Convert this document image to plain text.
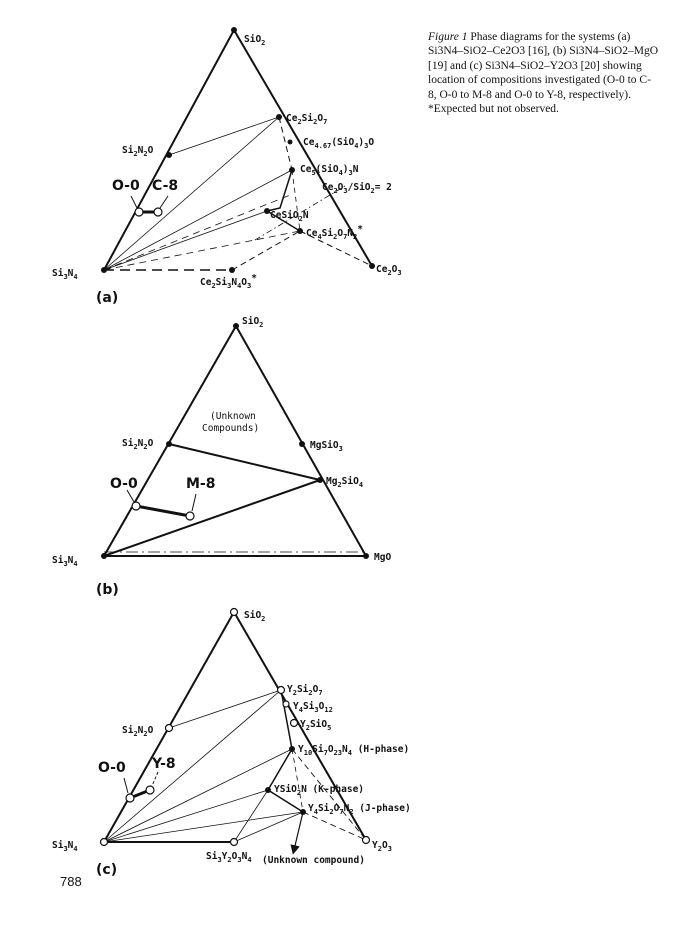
SiO$_2$
$Si_2N_2O$
$Ce_2Si_2O_7$
$Ce_{4.67}(SiO_4)_3O$
$Ce_5(SiO_4)_3N$
$Ce_2O_3/SiO_2= 2$
CeSiO$_2$N
$Ce_4Si_2O_7N_2*$
$Ce_2O_3$
$Si_3N_4$	$Ce_2Si_3N_4O_3*$
O-0 C-8
(a)
SiO$_2$
(Unknown
Compounds)
$Si_2N_2O$	MgSiO$_3$
$Mg_2SiO_4$
MgO
$Si_3N_4$
O-0	M-8
(b)
SiO$_2$
$Si_2N_2O$
$Y_2Si_2O_7$
$Y_4Si_3O_{12}$
$Y_2SiO_5$
$Y_{10}Si_7O_{23}N_4$ (H-phase)
YSiO$_2$N (K-phase)
$Y_4Si_2O_7N_2$ (J-phase)
$Y_2O_3$
$Si_3N_4$
$Si_3Y_2O_3N_4$ (Unknown compound)
O-0 Y-8
(c)
Figure 1 Phase diagrams for the systems (a) Si3N4–SiO2–Ce2O3 [16], (b) Si3N4–SiO2–MgO [19] and (c) Si3N4–SiO2–Y2O3 [20] showing location of compositions investigated (O-0 to C-8, O-0 to M-8 and O-0 to Y-8, respectively).
*Expected but not observed.
788
